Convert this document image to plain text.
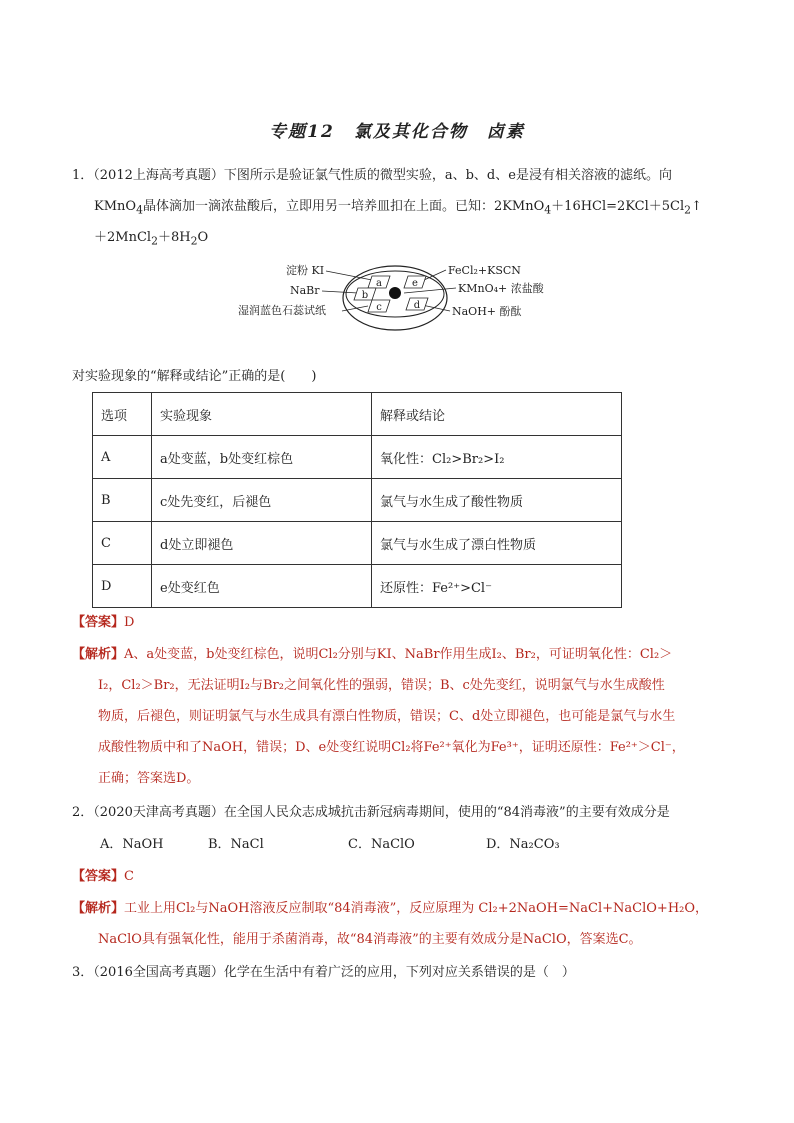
专题12　氯及其化合物　卤素
1．（2012上海高考真题）下图所示是验证氯气性质的微型实验，a、b、d、e是浸有相关溶液的滤纸。向
KMnO$_4$晶体滴加一滴浓盐酸后，立即用另一培养皿扣在上面。已知：$2KMnO_4+16HCl=2KCl+5Cl_2↑$
$+2MnCl_2+8H_2O$
淀粉 KI
NaBr
湿润蓝色石蕊试纸
FeCl₂+KSCN
KMnO₄+ 浓盐酸
NaOH+ 酚酞
a
b
c
e
d
对实验现象的“解释或结论”正确的是(　　)
选项	实验现象	解释或结论
A	a处变蓝，b处变红棕色	氧化性：Cl₂>Br₂>I₂
B	c处先变红，后褪色	氯气与水生成了酸性物质
C	d处立即褪色	氯气与水生成了漂白性物质
D	e处变红色	还原性：Fe²⁺>Cl⁻
【答案】D
【解析】A、a处变蓝，b处变红棕色，说明Cl₂分别与KI、NaBr作用生成I₂、Br₂，可证明氧化性：Cl₂＞
I₂，Cl₂＞Br₂，无法证明I₂与Br₂之间氧化性的强弱，错误；B、c处先变红，说明氯气与水生成酸性
物质，后褪色，则证明氯气与水生成具有漂白性物质，错误；C、d处立即褪色，也可能是氯气与水生
成酸性物质中和了NaOH，错误；D、e处变红说明Cl₂将Fe²⁺氧化为Fe³⁺，证明还原性：Fe²⁺＞Cl⁻，
正确；答案选D。
2．（2020天津高考真题）在全国人民众志成城抗击新冠病毒期间，使用的“84消毒液”的主要有效成分是
A．NaOH	B．NaCl	C．NaClO	D．Na₂CO₃
【答案】C
【解析】工业上用Cl₂与NaOH溶液反应制取“84消毒液”，反应原理为 Cl₂+2NaOH=NaCl+NaClO+H₂O，
NaClO具有强氧化性，能用于杀菌消毒，故“84消毒液”的主要有效成分是NaClO，答案选C。
3．（2016全国高考真题）化学在生活中有着广泛的应用，下列对应关系错误的是（　）
